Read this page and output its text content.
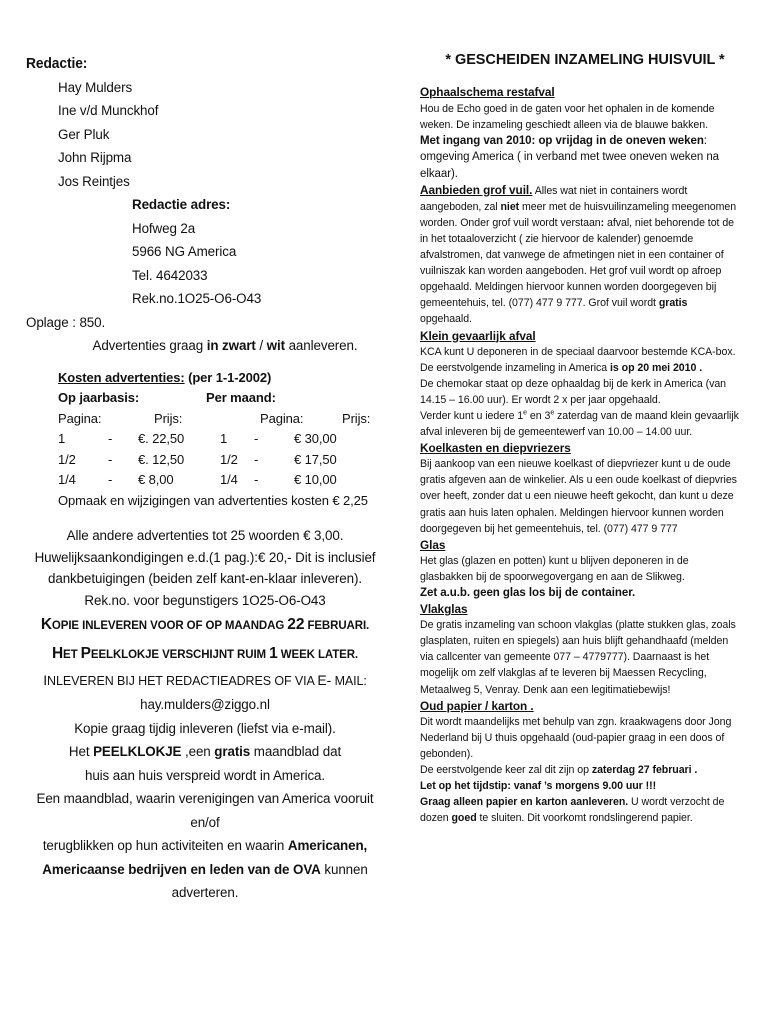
Redactie:
Hay Mulders
Ine v/d Munckhof
Ger Pluk
John Rijpma
Jos Reintjes
Redactie adres:
Hofweg 2a
5966 NG America
Tel. 4642033
Rek.no.1O25-O6-O43
Oplage : 850.
Advertenties graag in zwart / wit aanleveren.
Kosten advertenties: (per 1-1-2002)
Op jaarbasis:	Per maand:
Pagina:	Prijs:	Pagina:	Prijs:
1	-	€. 22,50	1	-	€ 30,00
1/2	-	€. 12,50	1/2	-	€ 17,50
1/4	-	€ 8,00	1/4	-	€ 10,00
Opmaak en wijzigingen van advertenties kosten € 2,25
Alle andere advertenties tot 25 woorden € 3,00.
Huwelijksaankondigingen e.d.(1 pag.):€ 20,- Dit is inclusief
dankbetuigingen (beiden zelf kant-en-klaar inleveren).
Rek.no. voor begunstigers 1O25-O6-O43
KOPIE INLEVEREN VOOR OF OP MAANDAG 22 FEBRUARI.
HET PEELKLOKJE VERSCHIJNT RUIM 1 WEEK LATER.
INLEVEREN BIJ HET REDACTIEADRES OF VIA E- MAIL:
hay.mulders@ziggo.nl
Kopie graag tijdig inleveren (liefst via e-mail).
Het PEELKLOKJE ,een gratis maandblad dat
huis aan huis verspreid wordt in America.
Een maandblad, waarin verenigingen van America vooruit en/of
terugblikken op hun activiteiten en waarin Americanen,
Americaanse bedrijven en leden van de OVA kunnen
adverteren.
* GESCHEIDEN INZAMELING HUISVUIL *
Ophaalschema restafval

Hou de Echo goed in de gaten voor het ophalen in de komende weken. De inzameling geschiedt alleen via de blauwe bakken.

Met ingang van 2010: op vrijdag in de oneven weken: omgeving America ( in verband met twee oneven weken na elkaar).

Aanbieden grof vuil. Alles wat niet in containers wordt aangeboden, zal niet meer met de huisvuilinzameling meegenomen worden. Onder grof vuil wordt verstaan: afval, niet behorende tot de in het totaaloverzicht ( zie hiervoor de kalender) genoemde afvalstromen, dat vanwege de afmetingen niet in een container of vuilniszak kan worden aangeboden. Het grof vuil wordt op afroep opgehaald. Meldingen hiervoor kunnen worden doorgegeven bij gemeentehuis, tel. (077) 477 9 777. Grof vuil wordt gratis opgehaald.

Klein gevaarlijk afval

KCA kunt U deponeren in de speciaal daarvoor bestemde KCA-box. De eerstvolgende inzameling in America is op 20 mei 2010 .

De chemokar staat op deze ophaaldag bij de kerk in America (van 14.15 – 16.00 uur). Er wordt 2 x per jaar opgehaald.

Verder kunt u iedere 1e en 3e zaterdag van de maand klein gevaarlijk afval inleveren bij de gemeentewerf van 10.00 – 14.00 uur.

Koelkasten en diepvriezers

Bij aankoop van een nieuwe koelkast of diepvriezer kunt u de oude gratis afgeven aan de winkelier. Als u een oude koelkast of diepvries over heeft, zonder dat u een nieuwe heeft gekocht, dan kunt u deze gratis aan huis laten ophalen. Meldingen hiervoor kunnen worden doorgegeven bij het gemeentehuis, tel. (077) 477 9 777

Glas

Het glas (glazen en potten) kunt u blijven deponeren in de glasbakken bij de spoorwegovergang en aan de Slikweg.

Zet a.u.b. geen glas los bij de container.
Vlakglas

De gratis inzameling van schoon vlakglas (platte stukken glas, zoals glasplaten, ruiten en spiegels) aan huis blijft gehandhaafd (melden via callcenter van gemeente 077 – 4779777). Daarnaast is het mogelijk om zelf vlakglas af te leveren bij Maessen Recycling, Metaalweg 5, Venray. Denk aan een legitimatiebewijs!

Oud papier / karton .

Dit wordt maandelijks met behulp van zgn. kraakwagens door Jong Nederland bij U thuis opgehaald (oud-papier graag in een doos of gebonden).

De eerstvolgende keer zal dit zijn op zaterdag 27 februari .

Let op het tijdstip: vanaf ’s morgens 9.00 uur !!!

Graag alleen papier en karton aanleveren. U wordt verzocht de dozen goed te sluiten. Dit voorkomt rondslingerend papier.
